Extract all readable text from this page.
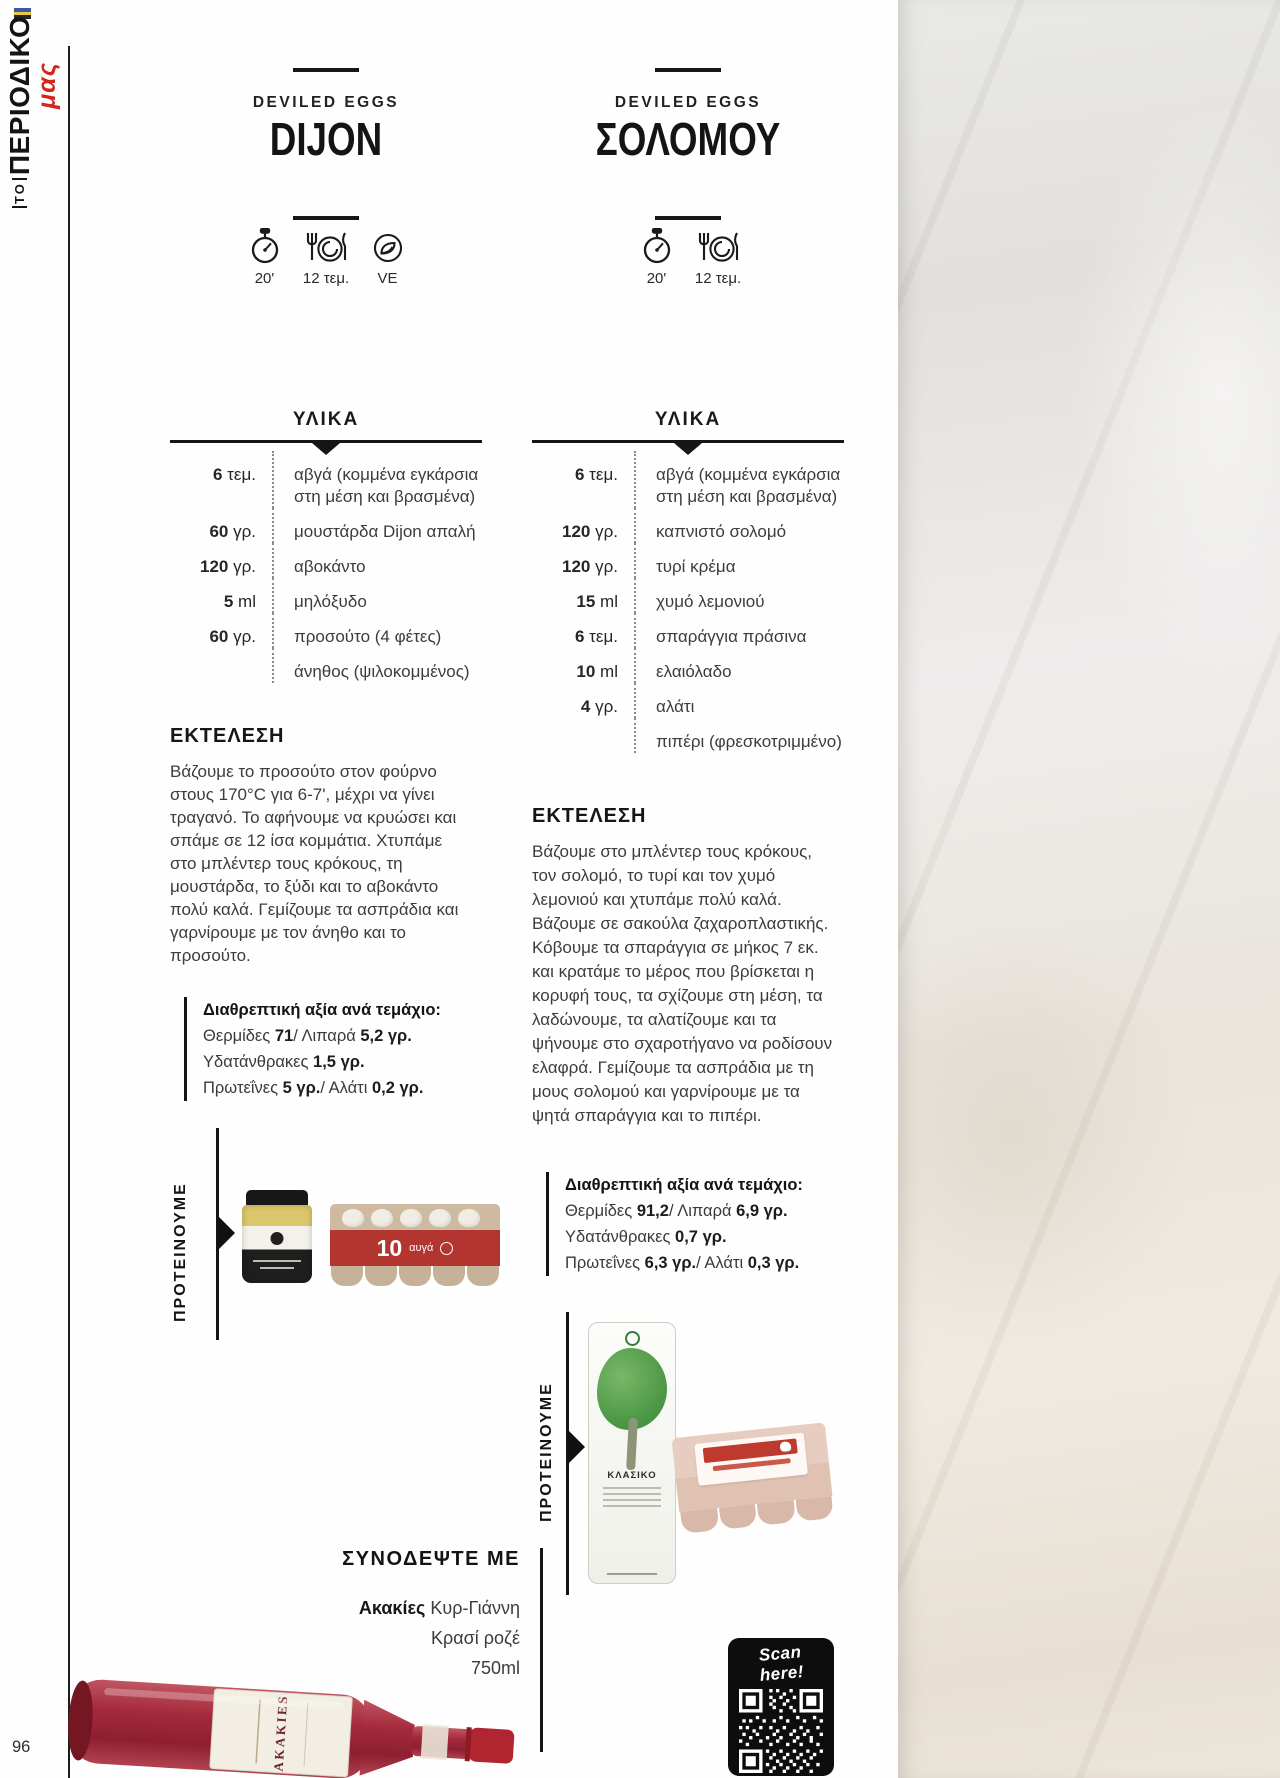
ΤΟΠΕΡΙΟΔΙΚΟ
μας
96
DEVILED EGGS
DIJON
20'	12 τεμ.	VE
ΥΛΙΚΑ
6 τεμ.	αβγά (κομμένα εγκάρσια στη μέση και βρασμένα)
60 γρ.	μουστάρδα Dijon απαλή
120 γρ.	αβοκάντο
5 ml	μηλόξυδο
60 γρ.	προσούτο (4 φέτες)
άνηθος (ψιλοκομμένος)
ΕΚΤΕΛΕΣΗ

Βάζουμε το προσούτο στον φούρνο στους 170°C για 6-7', μέχρι να γίνει τραγανό. Το αφήνουμε να κρυώσει και σπάμε σε 12 ίσα κομμάτια. Χτυπάμε στο μπλέντερ τους κρόκους, τη μουστάρδα, το ξύδι και το αβοκάντο πολύ καλά. Γεμίζουμε τα ασπράδια και γαρνίρουμε με τον άνηθο και το προσούτο.

Διαθρεπτική αξία ανά τεμάχιο:
Θερμίδες 71/ Λιπαρά 5,2 γρ.
Υδατάνθρακες 1,5 γρ.
Πρωτεΐνες 5 γρ./ Αλάτι 0,2 γρ.
DEVILED EGGS
ΣΟΛΟΜΟΥ
20'	12 τεμ.
ΥΛΙΚΑ
6 τεμ.	αβγά (κομμένα εγκάρσια στη μέση και βρασμένα)
120 γρ.	καπνιστό σολομό
120 γρ.	τυρί κρέμα
15 ml	χυμό λεμονιού
6 τεμ.	σπαράγγια πράσινα
10 ml	ελαιόλαδο
4 γρ.	αλάτι
πιπέρι (φρεσκοτριμμένο)
ΕΚΤΕΛΕΣΗ

Βάζουμε στο μπλέντερ τους κρόκους, τον σολομό, το τυρί και τον χυμό λεμονιού και χτυπάμε πολύ καλά. Βάζουμε σε σακούλα ζαχαροπλαστικής. Κόβουμε τα σπαράγγια σε μήκος 7 εκ. και κρατάμε το μέρος που βρίσκεται η κορυφή τους, τα σχίζουμε στη μέση, τα λαδώνουμε, τα αλατίζουμε και τα ψήνουμε στο σχαροτήγανο να ροδίσουν ελαφρά. Γεμίζουμε τα ασπράδια με τη μους σολομού και γαρνίρουμε με τα ψητά σπαράγγια και το πιπέρι.

Διαθρεπτική αξία ανά τεμάχιο:
Θερμίδες 91,2/ Λιπαρά 6,9 γρ.
Υδατάνθρακες 0,7 γρ.
Πρωτεΐνες 6,3 γρ./ Αλάτι 0,3 γρ.
ΠΡΟΤΕΙΝΟΥΜΕ	10 αυγά
ΠΡΟΤΕΙΝΟΥΜΕ	ΚΛΑΣΙΚΟ
ΣΥΝΟΔΕΨΤΕ ΜΕ
Ακακίες Κυρ-Γιάννη
Κρασί ροζέ
750ml
AKAKIES
Scan here!
